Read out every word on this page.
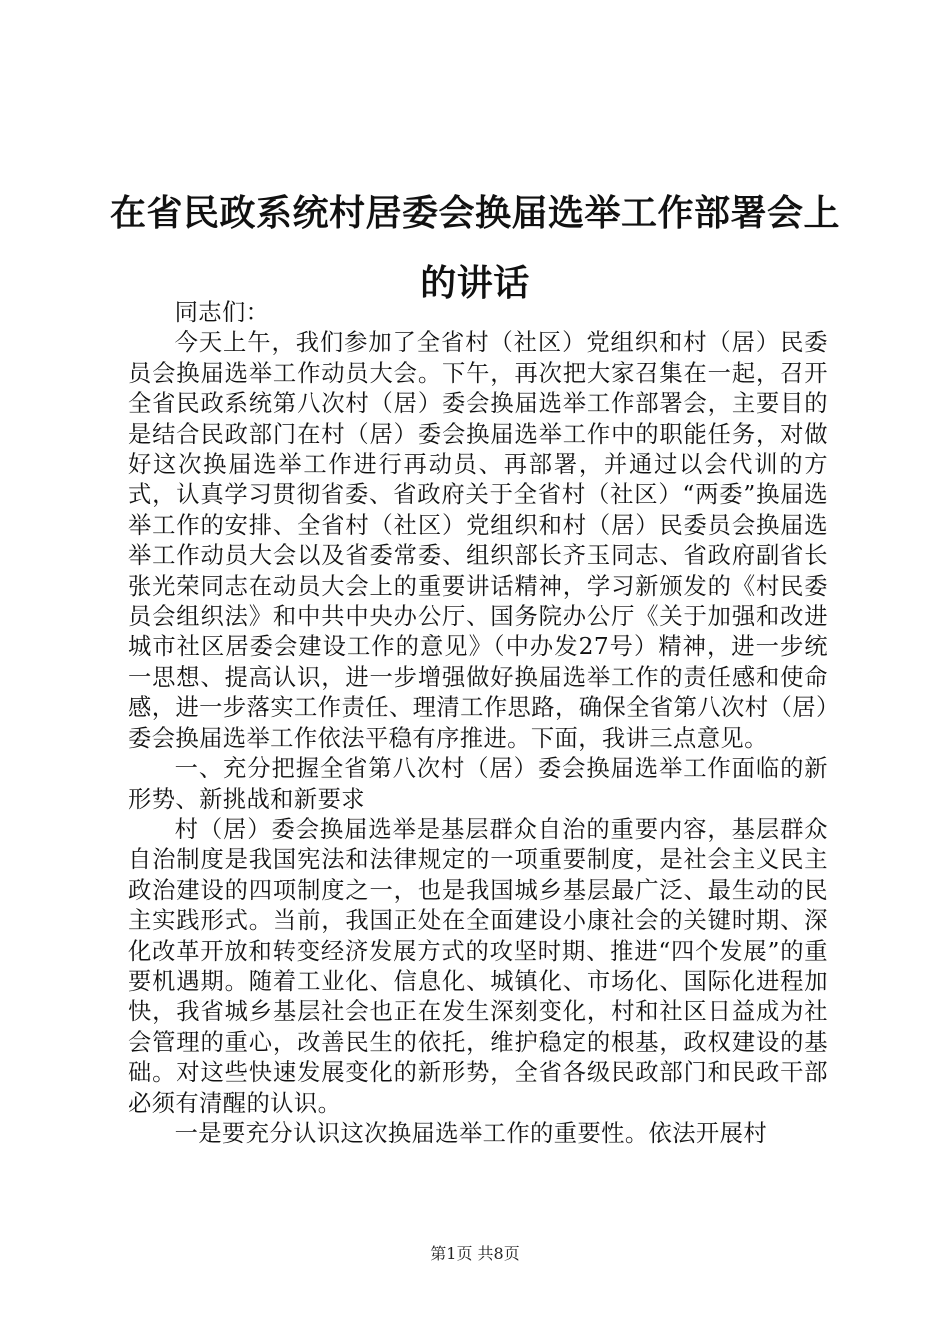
在省民政系统村居委会换届选举工作部署会上的讲话

同志们：

今天上午，我们参加了全省村（社区）党组织和村（居）民委员会换届选举工作动员大会。下午，再次把大家召集在一起，召开全省民政系统第八次村（居）委会换届选举工作部署会，主要目的是结合民政部门在村（居）委会换届选举工作中的职能任务，对做好这次换届选举工作进行再动员、再部署，并通过以会代训的方式，认真学习贯彻省委、省政府关于全省村（社区）“两委”换届选举工作的安排、全省村（社区）党组织和村（居）民委员会换届选举工作动员大会以及省委常委、组织部长齐玉同志、省政府副省长张光荣同志在动员大会上的重要讲话精神，学习新颁发的《村民委员会组织法》和中共中央办公厅、国务院办公厅《关于加强和改进城市社区居委会建设工作的意见》（中办发27号）精神，进一步统一思想、提高认识，进一步增强做好换届选举工作的责任感和使命感，进一步落实工作责任、理清工作思路，确保全省第八次村（居）委会换届选举工作依法平稳有序推进。下面，我讲三点意见。

一、充分把握全省第八次村（居）委会换届选举工作面临的新形势、新挑战和新要求

村（居）委会换届选举是基层群众自治的重要内容，基层群众自治制度是我国宪法和法律规定的一项重要制度，是社会主义民主政治建设的四项制度之一，也是我国城乡基层最广泛、最生动的民主实践形式。当前，我国正处在全面建设小康社会的关键时期、深化改革开放和转变经济发展方式的攻坚时期、推进“四个发展”的重要机遇期。随着工业化、信息化、城镇化、市场化、国际化进程加快，我省城乡基层社会也正在发生深刻变化，村和社区日益成为社会管理的重心，改善民生的依托，维护稳定的根基，政权建设的基础。对这些快速发展变化的新形势，全省各级民政部门和民政干部必须有清醒的认识。

一是要充分认识这次换届选举工作的重要性。依法开展村

第1页 共8页
